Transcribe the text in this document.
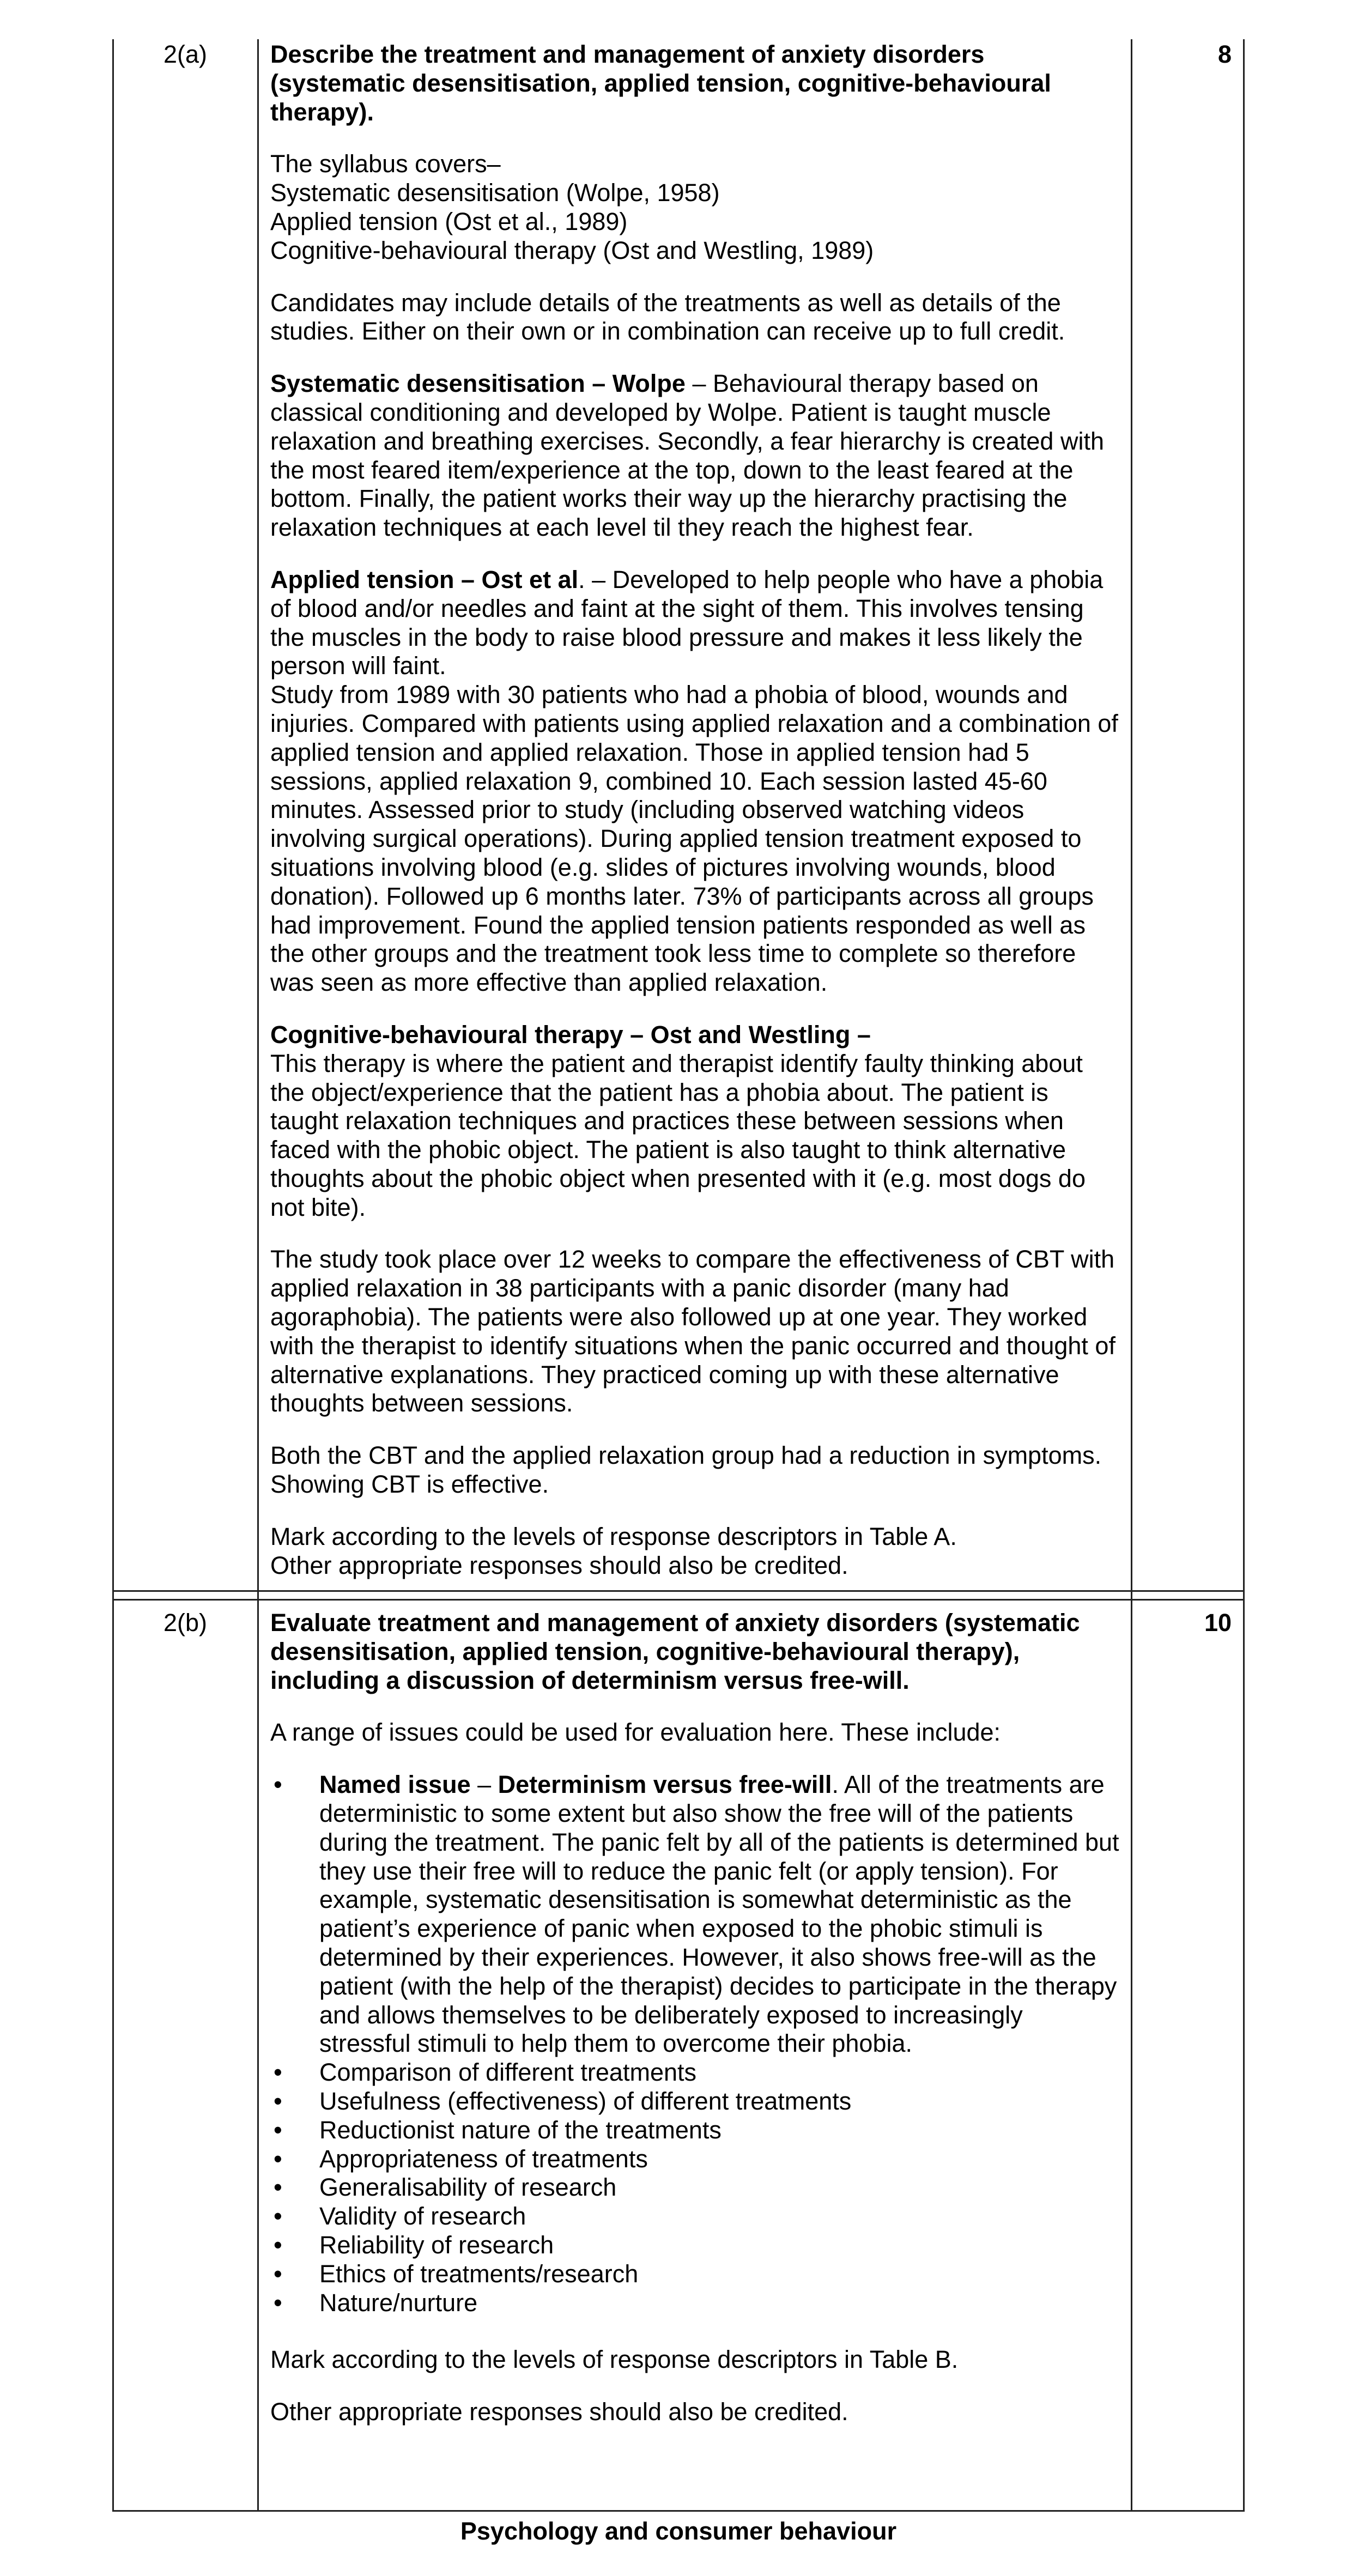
2(a)	8

Describe the treatment and management of anxiety disorders (systematic desensitisation, applied tension, cognitive-behavioural therapy).

The syllabus covers–
Systematic desensitisation (Wolpe, 1958)
Applied tension (Ost et al., 1989)
Cognitive-behavioural therapy (Ost and Westling, 1989)

Candidates may include details of the treatments as well as details of the studies. Either on their own or in combination can receive up to full credit.

Systematic desensitisation – Wolpe – Behavioural therapy based on classical conditioning and developed by Wolpe. Patient is taught muscle relaxation and breathing exercises. Secondly, a fear hierarchy is created with the most feared item/experience at the top, down to the least feared at the bottom. Finally, the patient works their way up the hierarchy practising the relaxation techniques at each level til they reach the highest fear.

Applied tension – Ost et al. – Developed to help people who have a phobia of blood and/or needles and faint at the sight of them. This involves tensing the muscles in the body to raise blood pressure and makes it less likely the person will faint.

Study from 1989 with 30 patients who had a phobia of blood, wounds and injuries. Compared with patients using applied relaxation and a combination of applied tension and applied relaxation. Those in applied tension had 5 sessions, applied relaxation 9, combined 10. Each session lasted 45-60 minutes. Assessed prior to study (including observed watching videos involving surgical operations). During applied tension treatment exposed to situations involving blood (e.g. slides of pictures involving wounds, blood donation). Followed up 6 months later. 73% of participants across all groups had improvement. Found the applied tension patients responded as well as the other groups and the treatment took less time to complete so therefore was seen as more effective than applied relaxation.

Cognitive-behavioural therapy – Ost and Westling –
This therapy is where the patient and therapist identify faulty thinking about the object/experience that the patient has a phobia about. The patient is taught relaxation techniques and practices these between sessions when faced with the phobic object. The patient is also taught to think alternative thoughts about the phobic object when presented with it (e.g. most dogs do not bite).

The study took place over 12 weeks to compare the effectiveness of CBT with applied relaxation in 38 participants with a panic disorder (many had agoraphobia). The patients were also followed up at one year. They worked with the therapist to identify situations when the panic occurred and thought of alternative explanations. They practiced coming up with these alternative thoughts between sessions.

Both the CBT and the applied relaxation group had a reduction in symptoms. Showing CBT is effective.

Mark according to the levels of response descriptors in Table A.
Other appropriate responses should also be credited.

2(b)	10

Evaluate treatment and management of anxiety disorders (systematic desensitisation, applied tension, cognitive-behavioural therapy), including a discussion of determinism versus free-will.

A range of issues could be used for evaluation here. These include:

• Named issue – Determinism versus free-will. All of the treatments are deterministic to some extent but also show the free will of the patients during the treatment. The panic felt by all of the patients is determined but they use their free will to reduce the panic felt (or apply tension). For example, systematic desensitisation is somewhat deterministic as the patient’s experience of panic when exposed to the phobic stimuli is determined by their experiences. However, it also shows free-will as the patient (with the help of the therapist) decides to participate in the therapy and allows themselves to be deliberately exposed to increasingly stressful stimuli to help them to overcome their phobia.
• Comparison of different treatments
• Usefulness (effectiveness) of different treatments
• Reductionist nature of the treatments
• Appropriateness of treatments
• Generalisability of research
• Validity of research
• Reliability of research
• Ethics of treatments/research
• Nature/nurture

Mark according to the levels of response descriptors in Table B.

Other appropriate responses should also be credited.

Psychology and consumer behaviour
